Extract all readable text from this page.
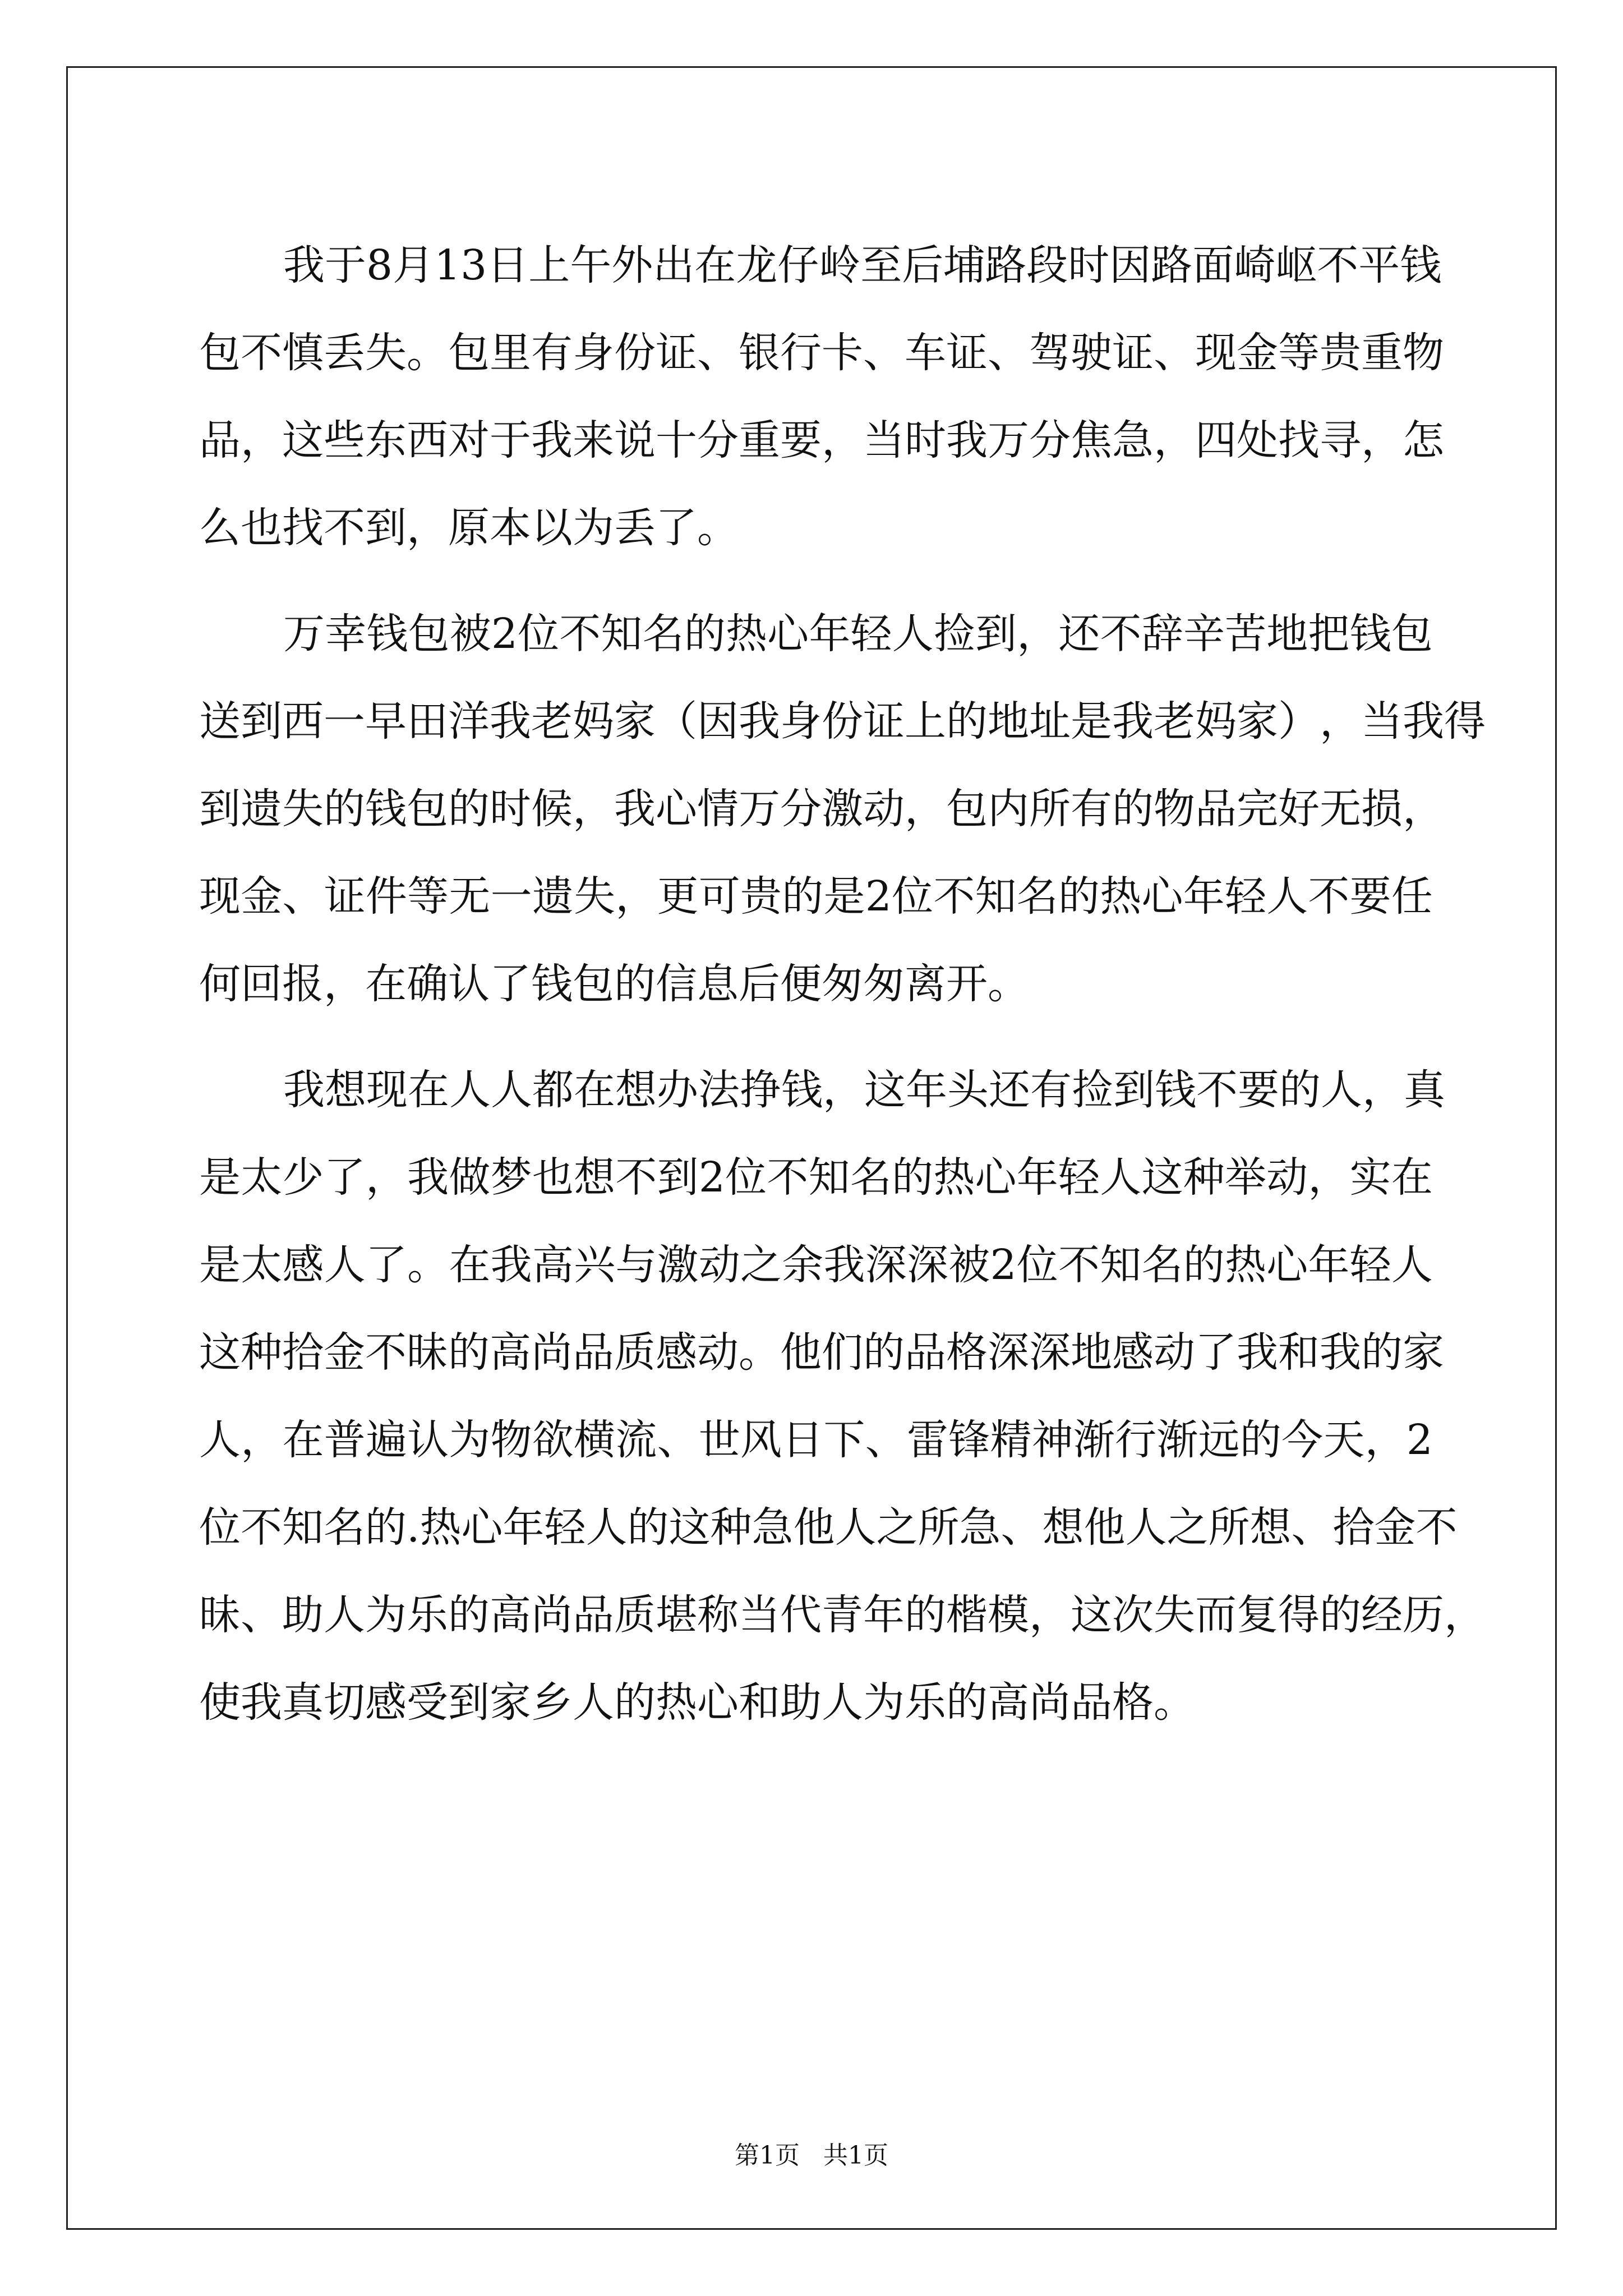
我 于 8 月 13 日 上 午 外 出 在 龙 仔 岭 至 后 埔 路 段 时 因 路 面 崎 岖 不 平 钱
包 不 慎 丢 失 。 包 里 有 身 份 证 、 银 行 卡 、 车 证 、 驾 驶 证 、 现 金 等 贵 重 物
品 ， 这 些 东 西 对 于 我 来 说 十 分 重 要 ， 当 时 我 万 分 焦 急 ， 四 处 找 寻 ， 怎
么也找不到，原本以为丢了。
万 幸 钱 包 被 2 位 不 知 名 的 热 心 年 轻 人 捡 到 ， 还 不 辞 辛 苦 地 把 钱 包
送 到 西 一 早 田 洋 我 老 妈 家 （ 因 我 身 份 证 上 的 地 址 是 我 老 妈 家 ） ， 当 我 得
到 遗 失 的 钱 包 的 时 候 ， 我 心 情 万 分 激 动 ， 包 内 所 有 的 物 品 完 好 无 损 ，
现 金 、 证 件 等 无 一 遗 失 ， 更 可 贵 的 是 2 位 不 知 名 的 热 心 年 轻 人 不 要 任
何回报，在确认了钱包的信息后便匆匆离开。
我 想 现 在 人 人 都 在 想 办 法 挣 钱 ， 这 年 头 还 有 捡 到 钱 不 要 的 人 ， 真
是 太 少 了 ， 我 做 梦 也 想 不 到 2 位 不 知 名 的 热 心 年 轻 人 这 种 举 动 ， 实 在
是 太 感 人 了 。 在 我 高 兴 与 激 动 之 余 我 深 深 被 2 位 不 知 名 的 热 心 年 轻 人
这 种 拾 金 不 昧 的 高 尚 品 质 感 动 。 他 们 的 品 格 深 深 地 感 动 了 我 和 我 的 家
人 ， 在 普 遍 认 为 物 欲 横 流 、 世 风 日 下 、 雷 锋 精 神 渐 行 渐 远 的 今 天 ， 2
位 不 知 名 的 . 热 心 年 轻 人 的 这 种 急 他 人 之 所 急 、 想 他 人 之 所 想 、 拾 金 不
昧 、 助 人 为 乐 的 高 尚 品 质 堪 称 当 代 青 年 的 楷 模 ， 这 次 失 而 复 得 的 经 历 ，
使我真切感受到家乡人的热心和助人为乐的高尚品格。
第1页 共1页
